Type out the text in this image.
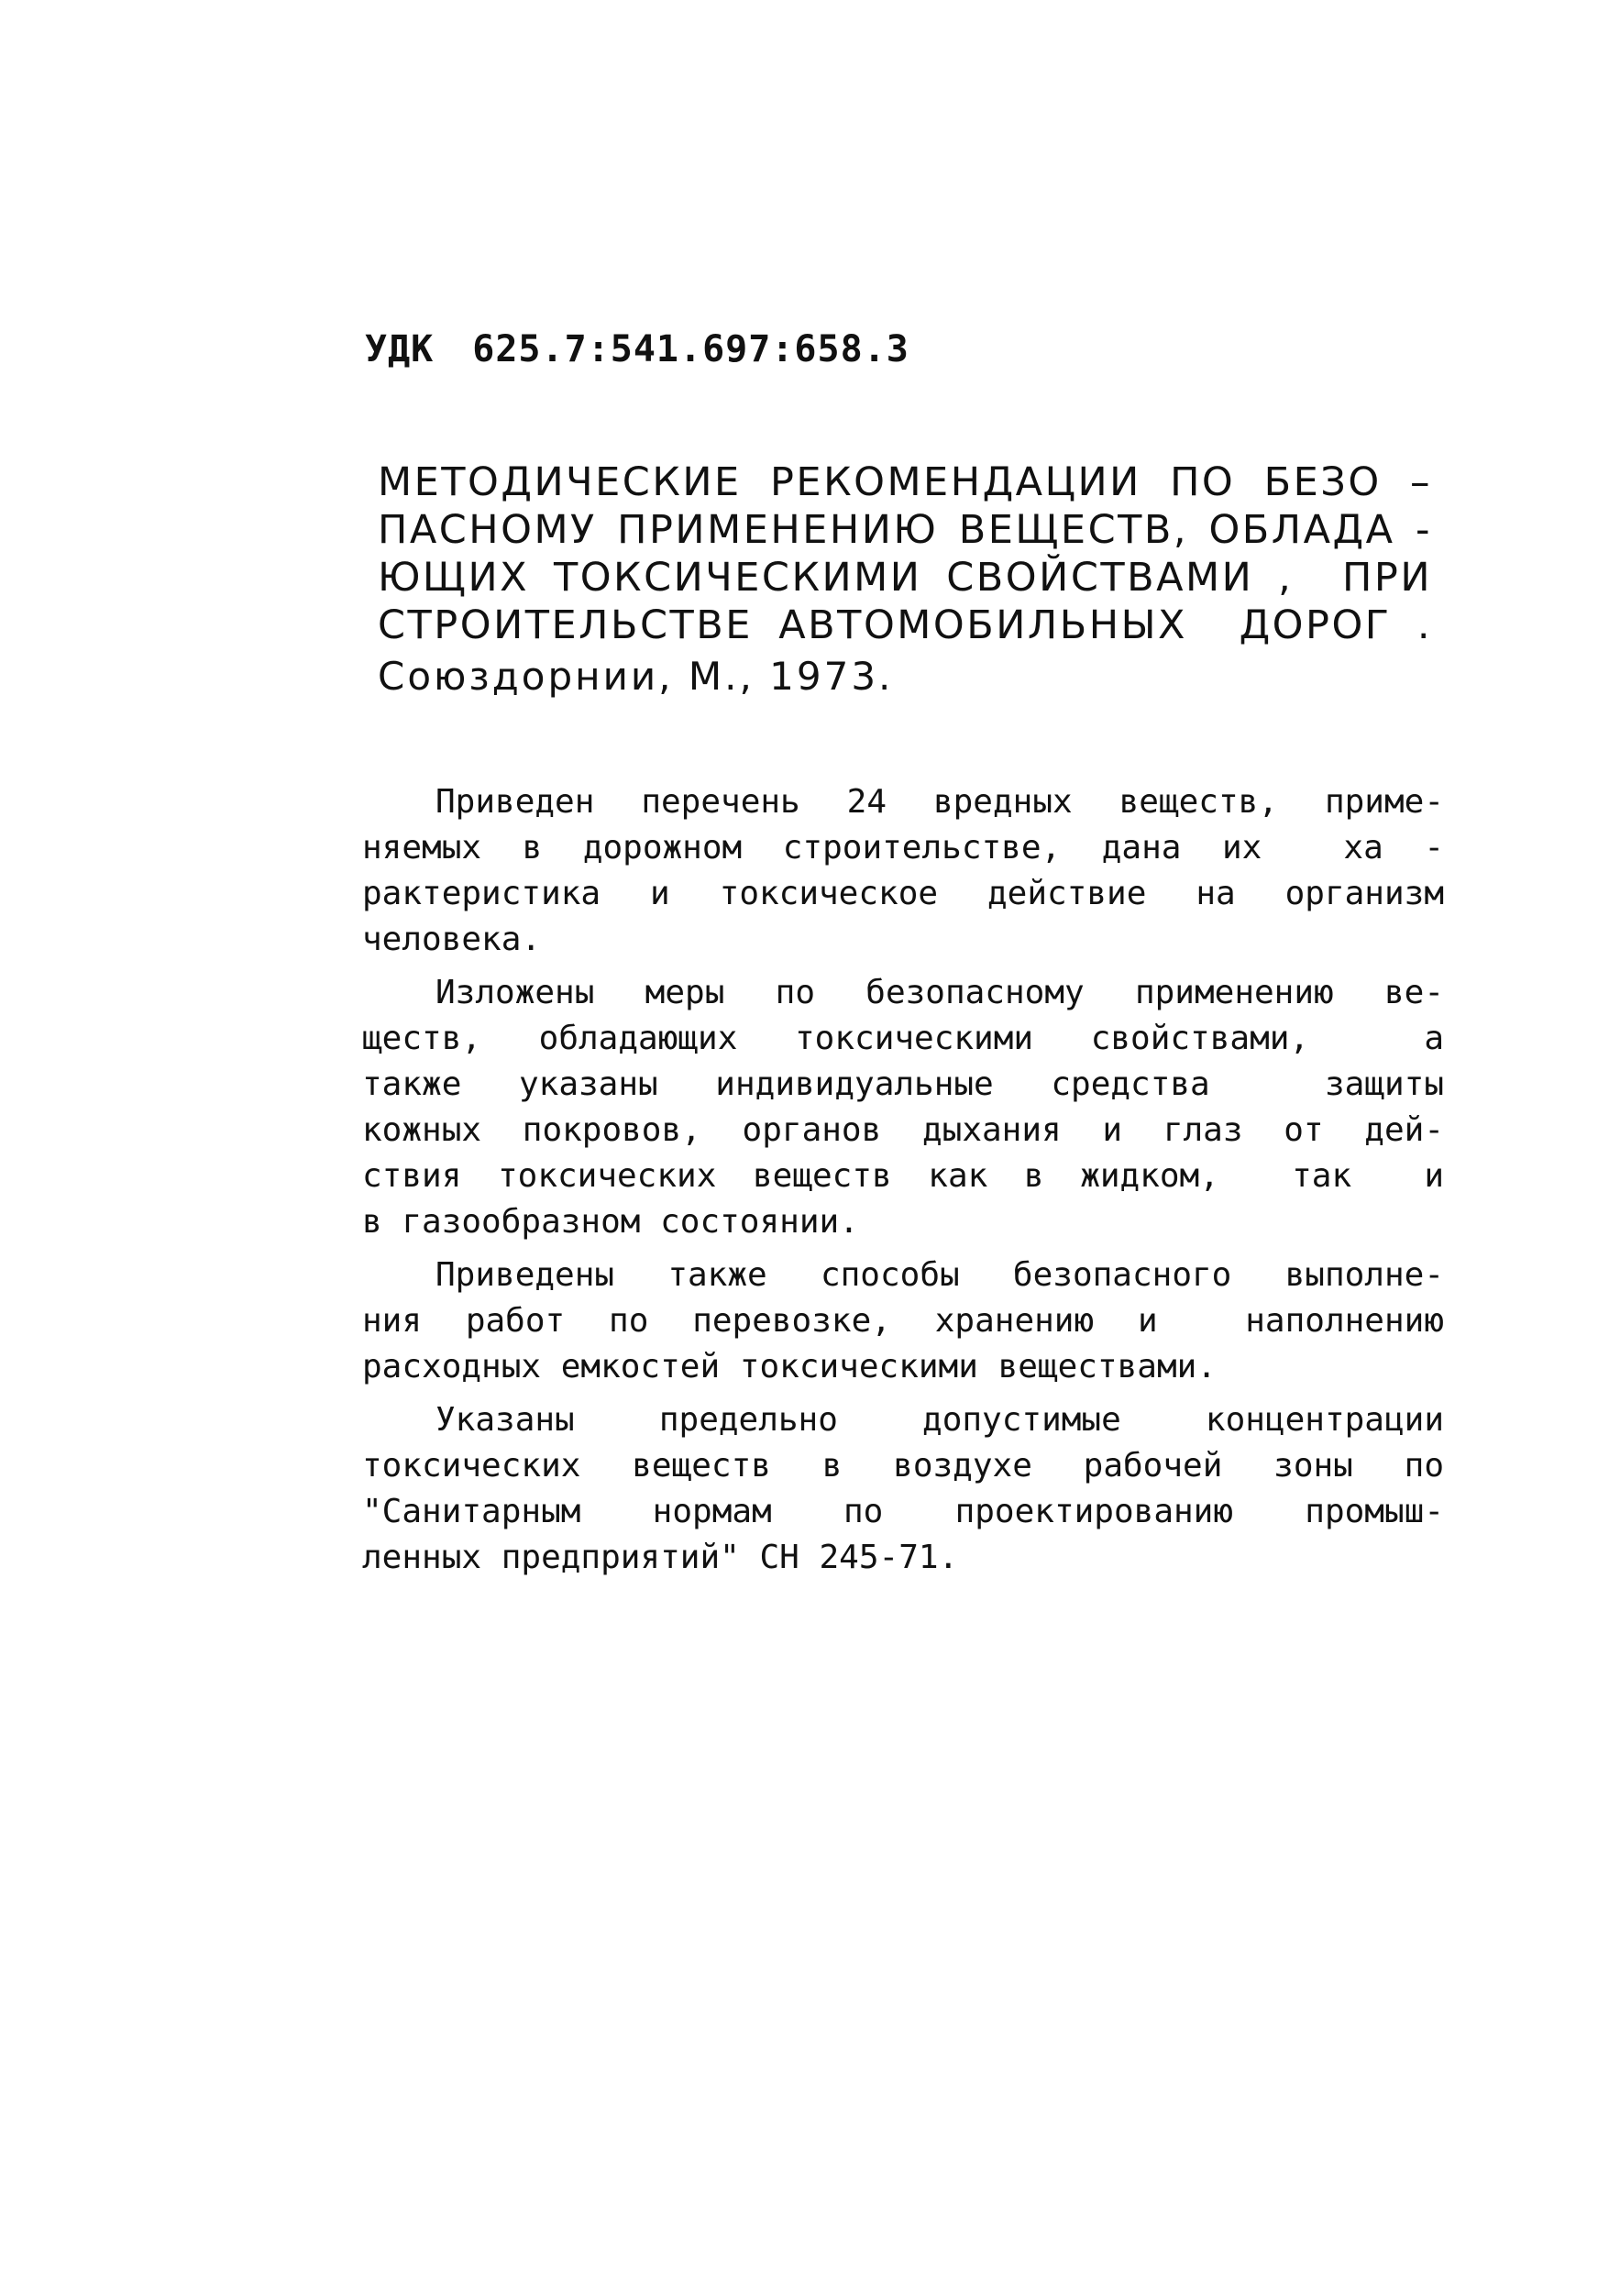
УДК 625.7:541.697:658.3
МЕТОДИЧЕСКИЕ РЕКОМЕНДАЦИИ ПО БЕЗО –
ПАСНОМУ ПРИМЕНЕНИЮ ВЕЩЕСТВ, ОБЛАДА -
ЮЩИХ ТОКСИЧЕСКИМИ СВОЙСТВАМИ ,  ПРИ
СТРОИТЕЛЬСТВЕ АВТОМОБИЛЬНЫХ  ДОРОГ .
Союздорнии, М., 1973.
Приведен перечень 24 вредных веществ, приме-
няемых в дорожном строительстве, дана их  ха -
рактеристика и токсическое действие на организм
человека.
Изложены меры по безопасному применению ве-
ществ, обладающих токсическими свойствами,  а
также указаны индивидуальные средства  защиты
кожных покровов, органов дыхания и глаз от дей-
ствия токсических веществ как в жидком,  так  и
в газообразном состоянии.
Приведены также способы безопасного выполне-
ния работ по перевозке, хранению и  наполнению
расходных емкостей токсическими веществами.
Указаны предельно допустимые концентрации
токсических веществ в воздухе рабочей зоны по
"Санитарным нормам по проектированию промыш-
ленных предприятий" СН 245-71.
